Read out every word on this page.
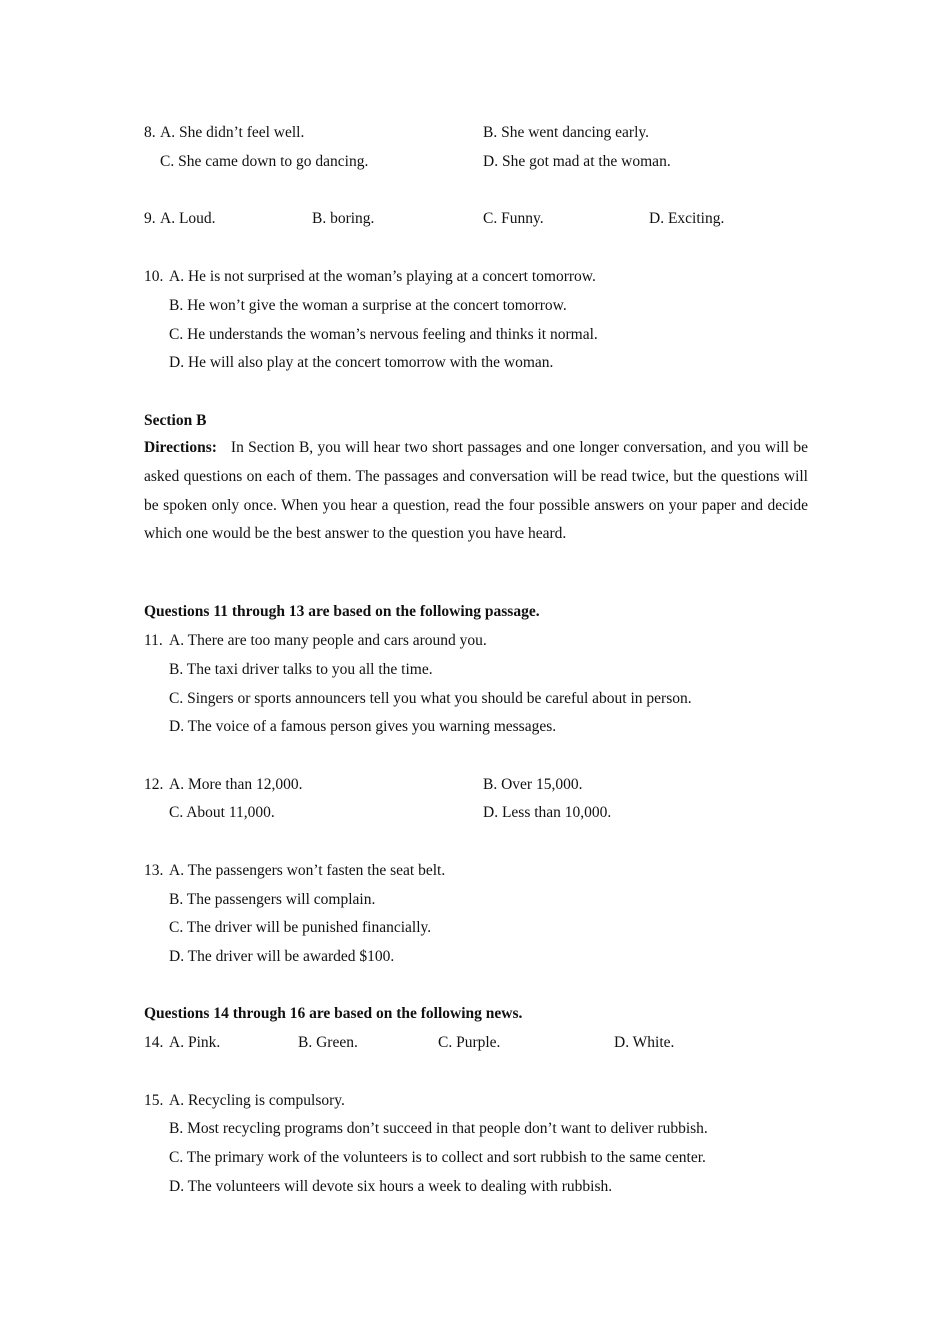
8. A. She didn’t feel well.	B. She went dancing early.
C. She came down to go dancing.	D. She got mad at the woman.
9. A. Loud.	B. boring.	C. Funny.	D. Exciting.
10. A. He is not surprised at the woman’s playing at a concert tomorrow.
B. He won’t give the woman a surprise at the concert tomorrow.
C. He understands the woman’s nervous feeling and thinks it normal.
D. He will also play at the concert tomorrow with the woman.
Section B
Directions: In Section B, you will hear two short passages and one longer conversation, and you will be asked questions on each of them. The passages and conversation will be read twice, but the questions will be spoken only once. When you hear a question, read the four possible answers on your paper and decide which one would be the best answer to the question you have heard.
Questions 11 through 13 are based on the following passage.
11. A. There are too many people and cars around you.
B. The taxi driver talks to you all the time.
C. Singers or sports announcers tell you what you should be careful about in person.
D. The voice of a famous person gives you warning messages.
12. A. More than 12,000.	B. Over 15,000.
C. About 11,000.	D. Less than 10,000.
13. A. The passengers won’t fasten the seat belt.
B. The passengers will complain.
C. The driver will be punished financially.
D. The driver will be awarded $100.
Questions 14 through 16 are based on the following news.
14. A. Pink.	B. Green.	C. Purple.	D. White.
15. A. Recycling is compulsory.
B. Most recycling programs don’t succeed in that people don’t want to deliver rubbish.
C. The primary work of the volunteers is to collect and sort rubbish to the same center.
D. The volunteers will devote six hours a week to dealing with rubbish.
